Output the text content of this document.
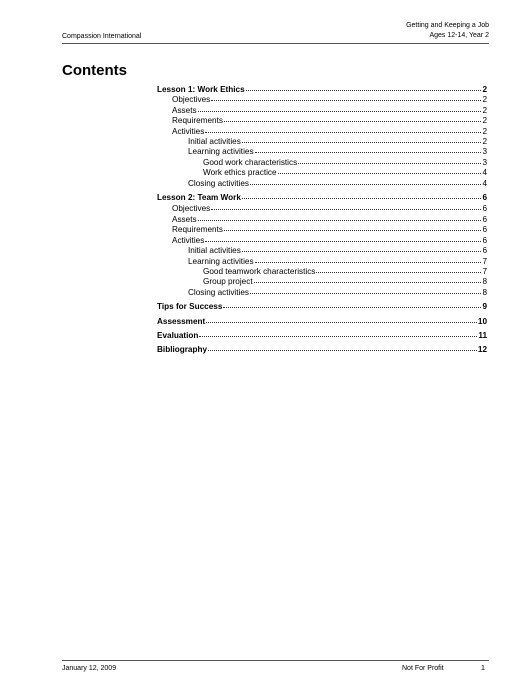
Compassion International
Getting and Keeping a Job
Ages 12-14, Year 2
Contents
Lesson 1: Work Ethics	2
Objectives	2
Assets	2
Requirements	2
Activities	2
Initial activities	2
Learning activities	3
Good work characteristics	3
Work ethics practice	4
Closing activities	4
Lesson 2: Team Work	6
Objectives	6
Assets	6
Requirements	6
Activities	6
Initial activities	6
Learning activities	7
Good teamwork characteristics	7
Group project	8
Closing activities	8
Tips for Success	9
Assessment	10
Evaluation	11
Bibliography	12
January 12, 2009	Not For Profit	1
